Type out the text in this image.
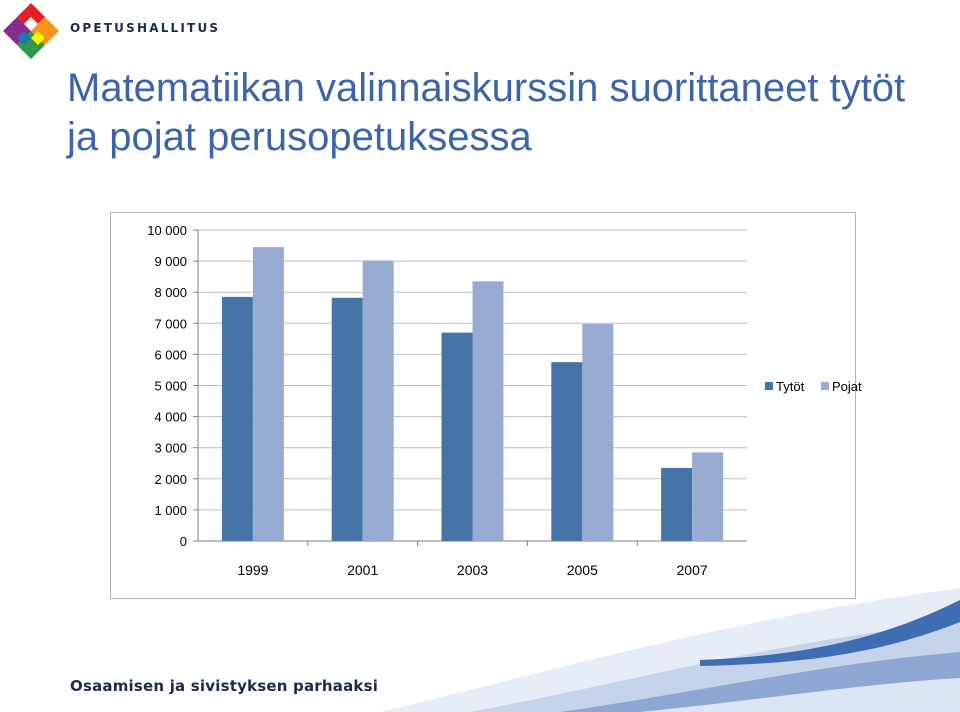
OPETUSHALLITUS
Matematiikan valinnaiskurssin suorittaneet tytöt ja pojat perusopetuksessa
0
1 000
2 000
3 000
4 000
5 000
6 000
7 000
8 000
9 000
10 000
1999	2001	2003	2005	2007
Tytöt Pojat
Osaamisen ja sivistyksen parhaaksi
